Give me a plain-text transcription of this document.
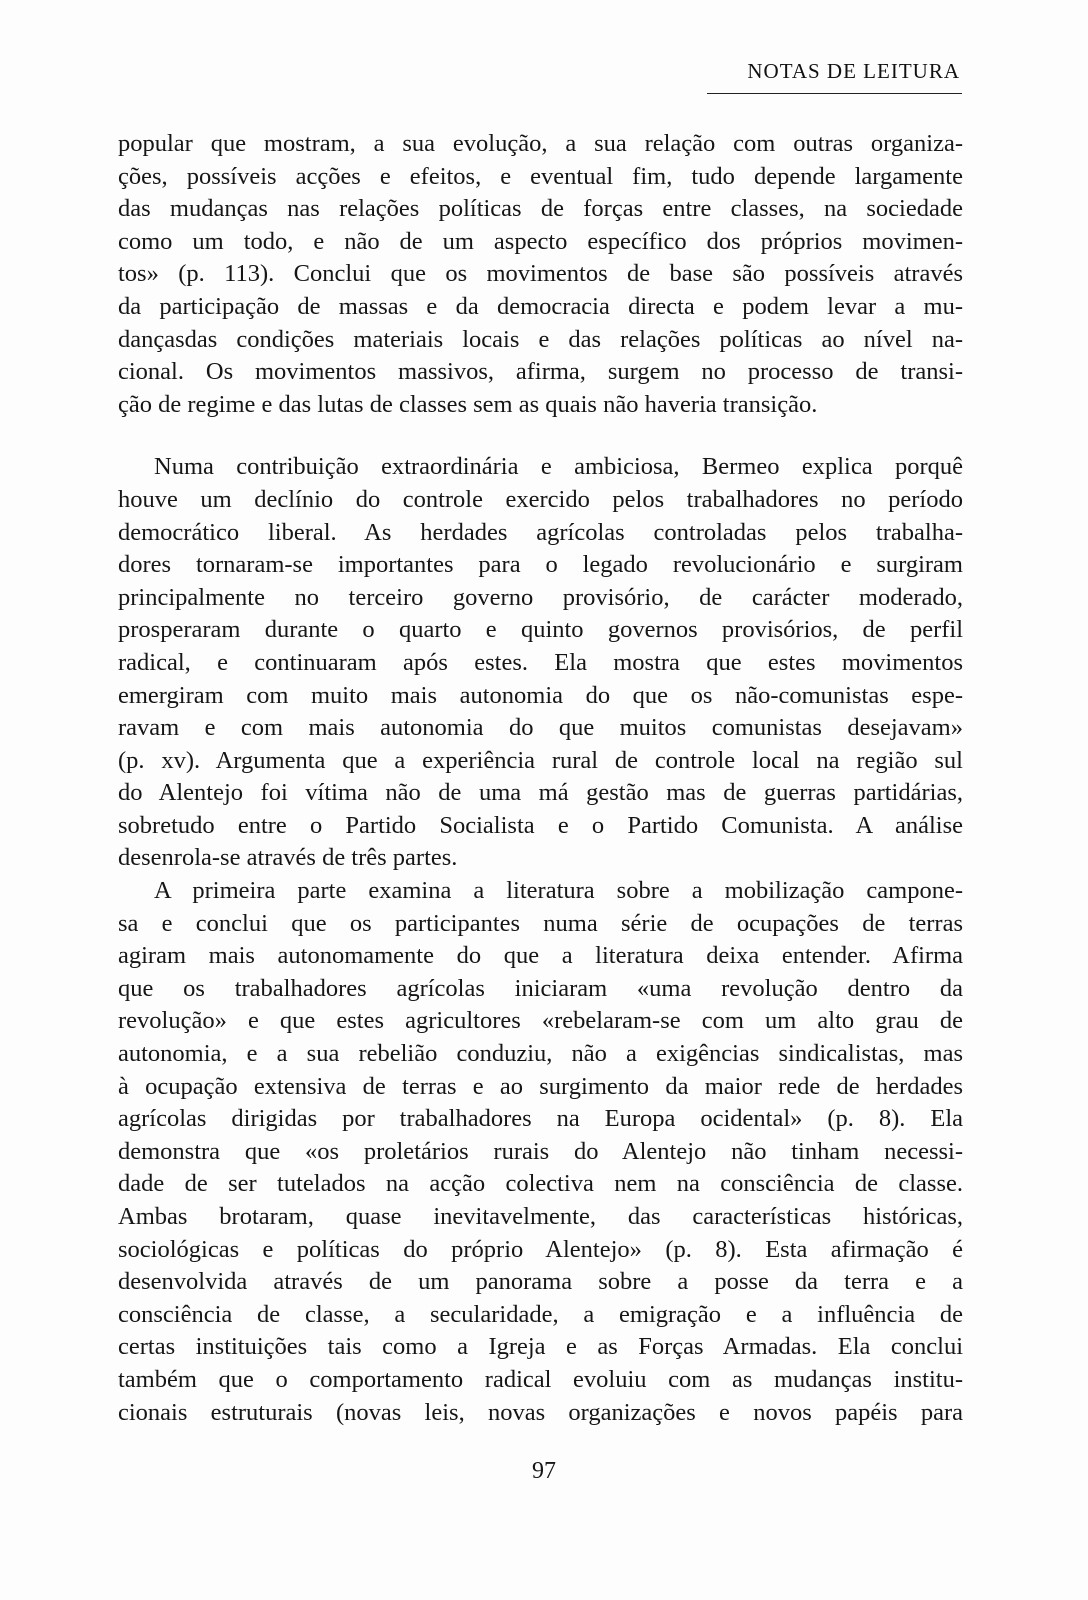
NOTAS DE LEITURA
popular que mostram, a sua evolução, a sua relação com outras organiza-
ções, possíveis acções e efeitos, e eventual fim, tudo depende largamente
das mudanças nas relações políticas de forças entre classes, na sociedade
como um todo, e não de um aspecto específico dos próprios movimen-
tos» (p. 113). Conclui que os movimentos de base são possíveis através
da participação de massas e da democracia directa e podem levar a mu-
dançasdas condições materiais locais e das relações políticas ao nível na-
cional. Os movimentos massivos, afirma, surgem no processo de transi-
ção de regime e das lutas de classes sem as quais não haveria transição.
Numa contribuição extraordinária e ambiciosa, Bermeo explica porquê
houve um declínio do controle exercido pelos trabalhadores no período
democrático liberal. As herdades agrícolas controladas pelos trabalha-
dores tornaram-se importantes para o legado revolucionário e surgiram
principalmente no terceiro governo provisório, de carácter moderado,
prosperaram durante o quarto e quinto governos provisórios, de perfil
radical, e continuaram após estes. Ela mostra que estes movimentos
emergiram com muito mais autonomia do que os não-comunistas espe-
ravam e com mais autonomia do que muitos comunistas desejavam»
(p. xv). Argumenta que a experiência rural de controle local na região sul
do Alentejo foi vítima não de uma má gestão mas de guerras partidárias,
sobretudo entre o Partido Socialista e o Partido Comunista. A análise
desenrola-se através de três partes.
A primeira parte examina a literatura sobre a mobilização campone-
sa e conclui que os participantes numa série de ocupações de terras
agiram mais autonomamente do que a literatura deixa entender. Afirma
que os trabalhadores agrícolas iniciaram «uma revolução dentro da
revolução» e que estes agricultores «rebelaram-se com um alto grau de
autonomia, e a sua rebelião conduziu, não a exigências sindicalistas, mas
à ocupação extensiva de terras e ao surgimento da maior rede de herdades
agrícolas dirigidas por trabalhadores na Europa ocidental» (p. 8). Ela
demonstra que «os proletários rurais do Alentejo não tinham necessi-
dade de ser tutelados na acção colectiva nem na consciência de classe.
Ambas brotaram, quase inevitavelmente, das características históricas,
sociológicas e políticas do próprio Alentejo» (p. 8). Esta afirmação é
desenvolvida através de um panorama sobre a posse da terra e a
consciência de classe, a secularidade, a emigração e a influência de
certas instituições tais como a Igreja e as Forças Armadas. Ela conclui
também que o comportamento radical evoluiu com as mudanças institu-
cionais estruturais (novas leis, novas organizações e novos papéis para
97
